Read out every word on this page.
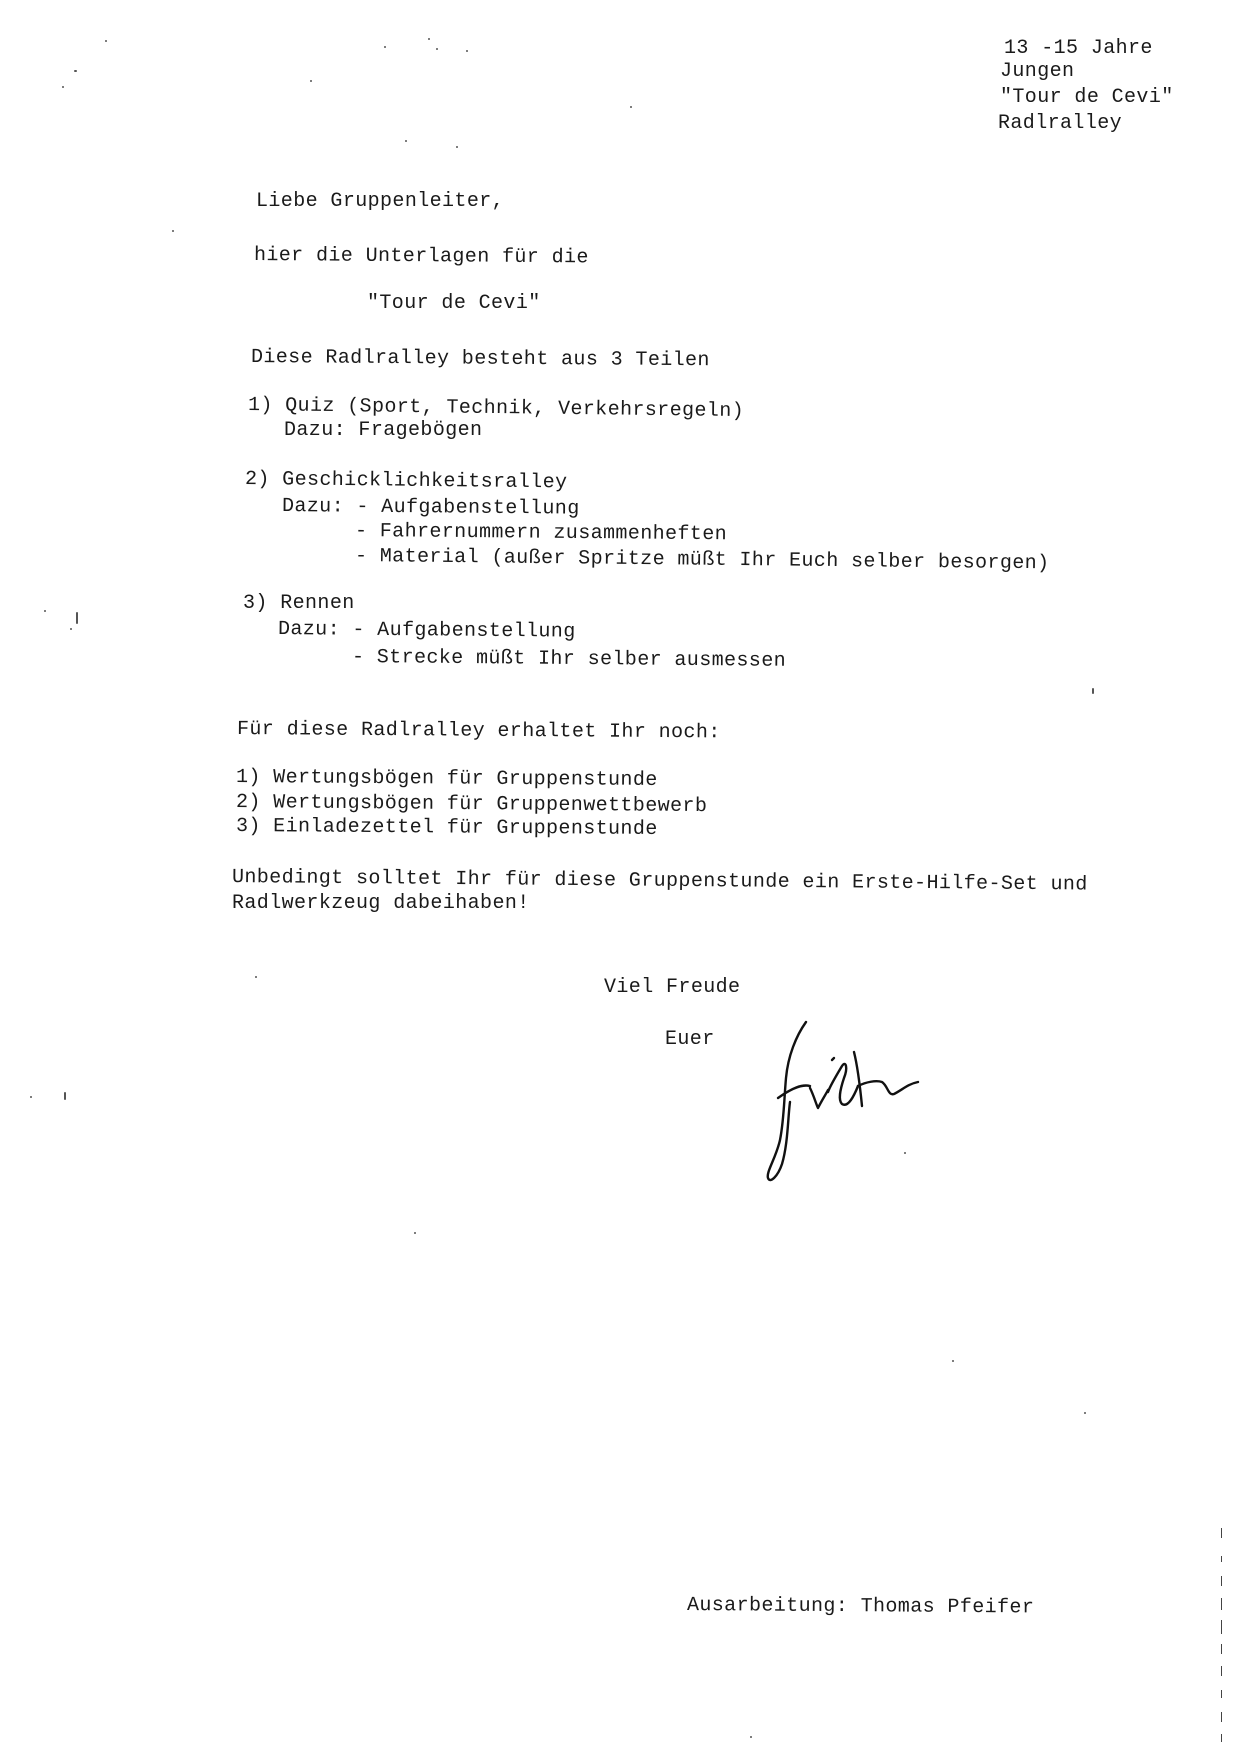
13 -15 Jahre
Jungen
"Tour de Cevi"
Radlralley
Liebe Gruppenleiter,
hier die Unterlagen für die
"Tour de Cevi"
Diese Radlralley besteht aus 3 Teilen
1) Quiz (Sport, Technik, Verkehrsregeln)
Dazu: Fragebögen
2) Geschicklichkeitsralley
Dazu: - Aufgabenstellung
- Fahrernummern zusammenheften
- Material (außer Spritze müßt Ihr Euch selber besorgen)
3) Rennen
Dazu: - Aufgabenstellung
- Strecke müßt Ihr selber ausmessen
Für diese Radlralley erhaltet Ihr noch:
1) Wertungsbögen für Gruppenstunde
2) Wertungsbögen für Gruppenwettbewerb
3) Einladezettel für Gruppenstunde
Unbedingt solltet Ihr für diese Gruppenstunde ein Erste-Hilfe-Set und
Radlwerkzeug dabeihaben!
Viel Freude
Euer
Ausarbeitung: Thomas Pfeifer
